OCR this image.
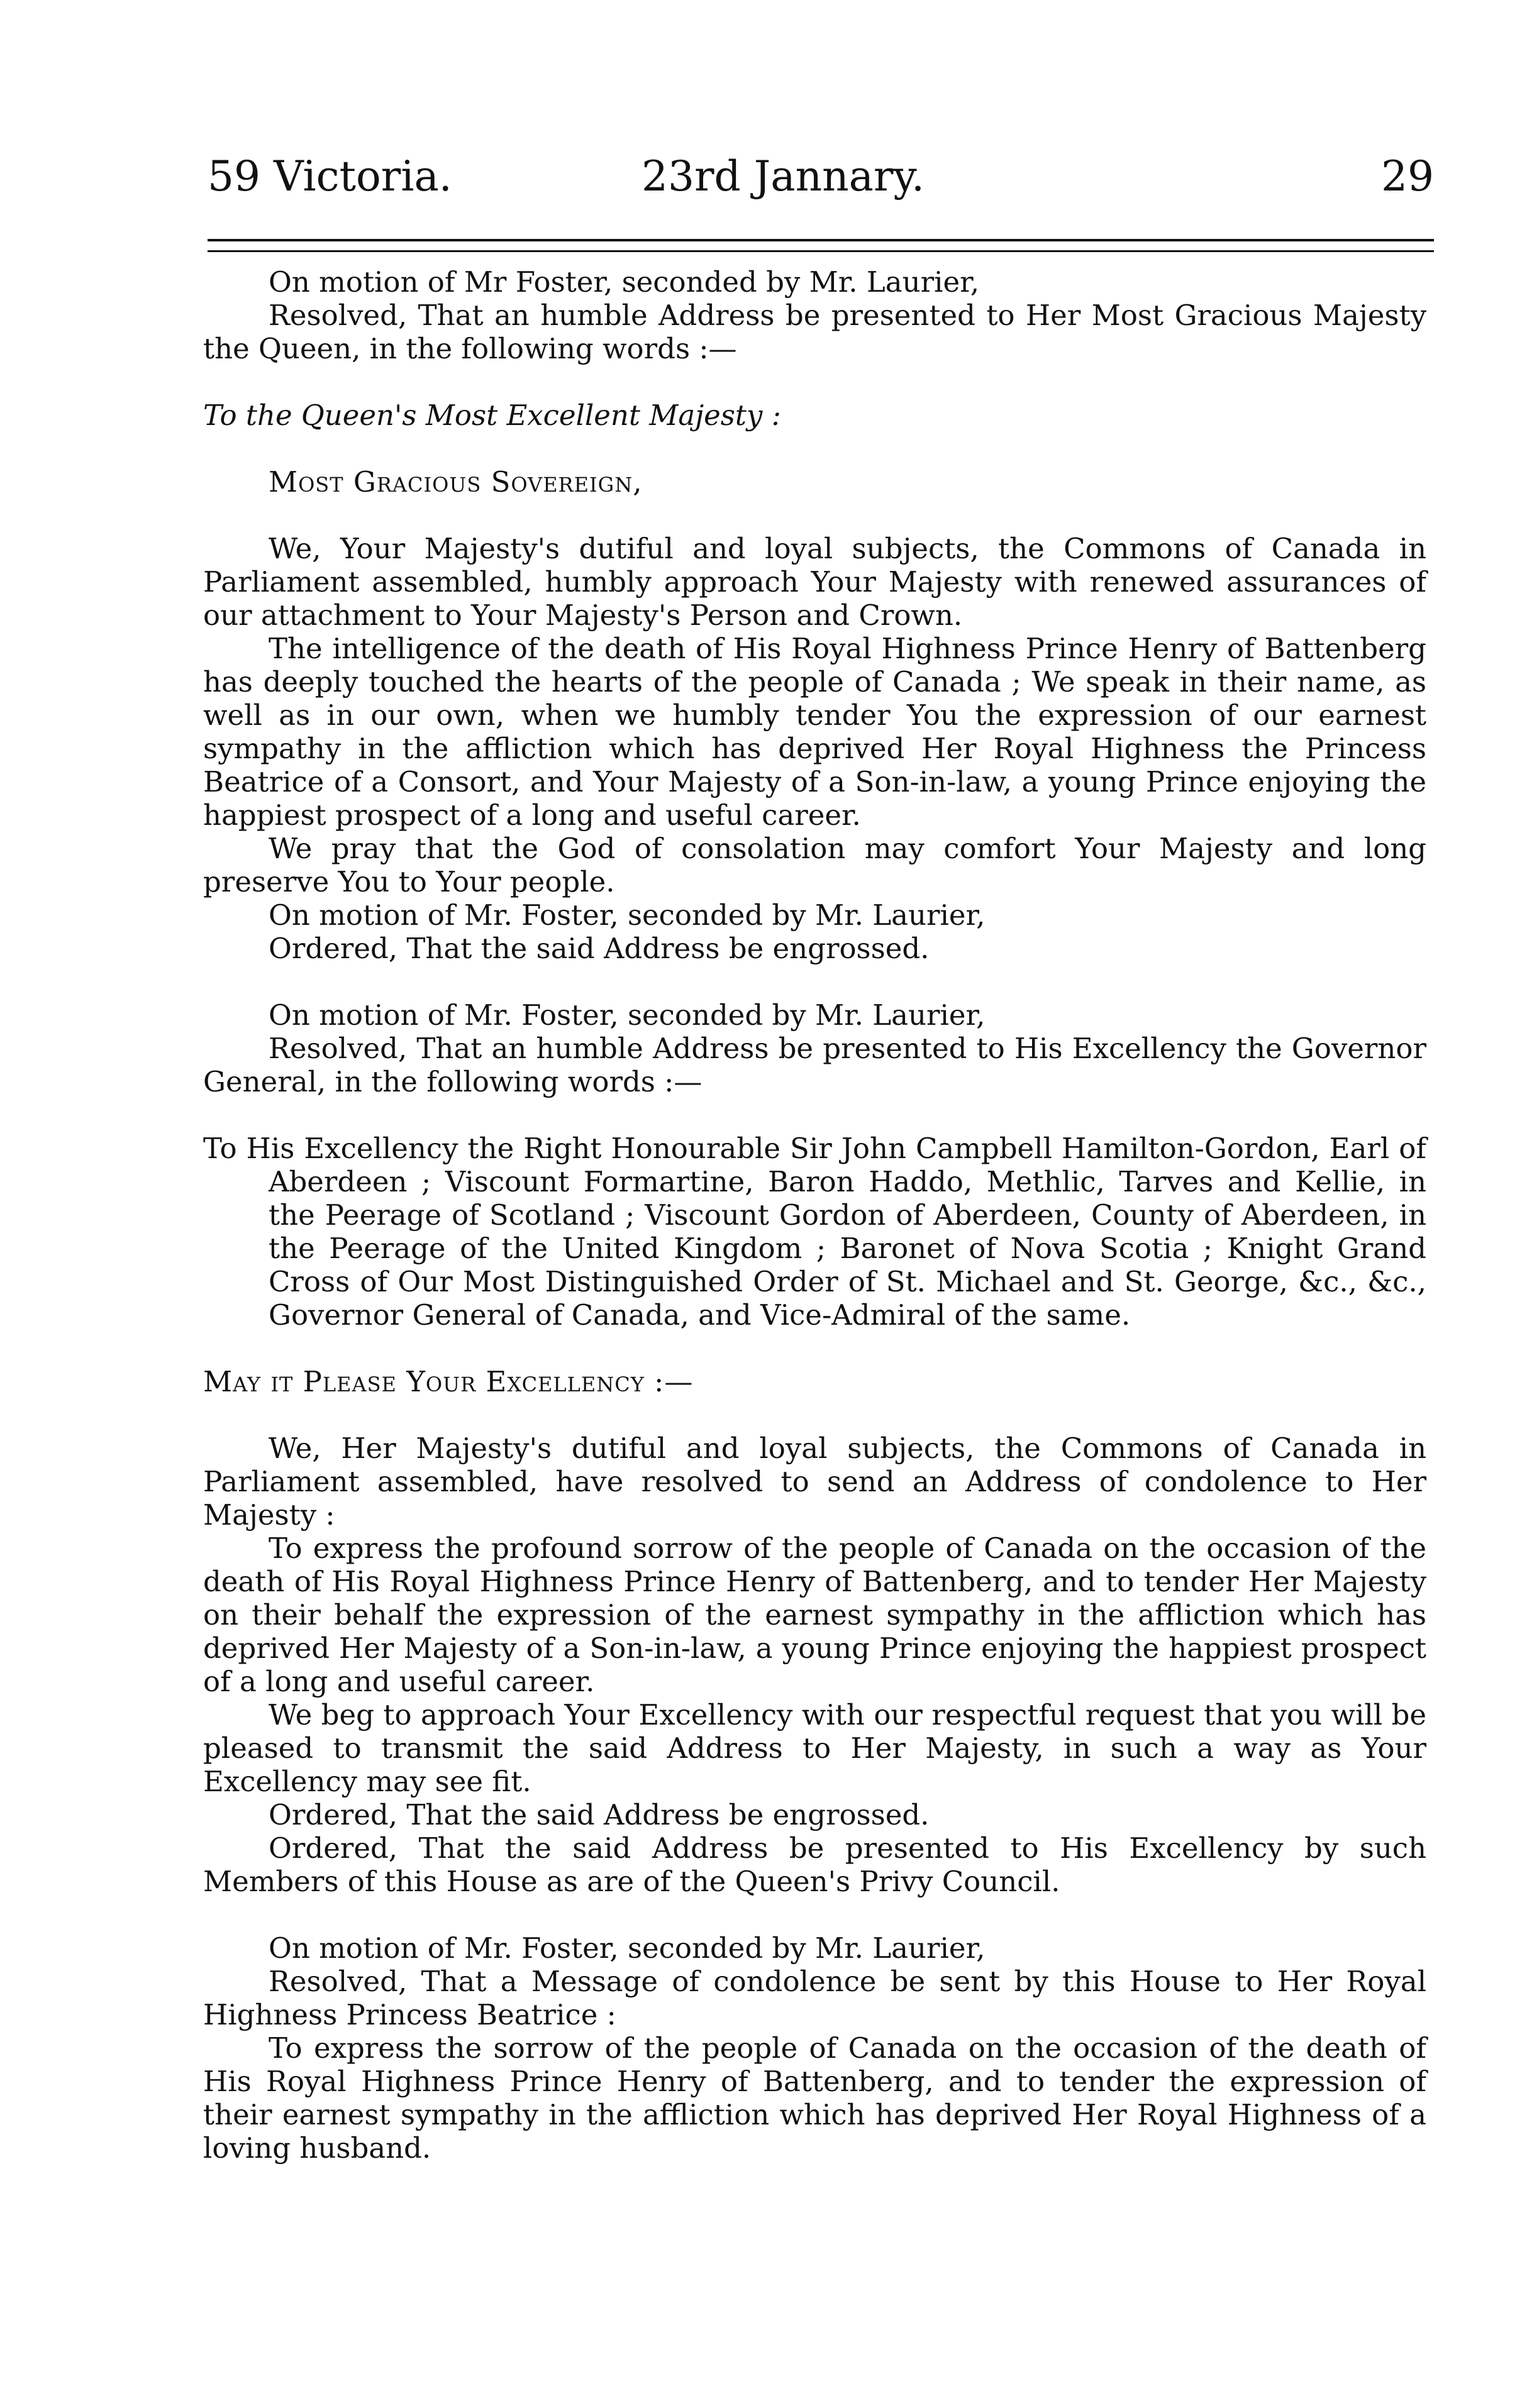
59 Victoria.	23rd Jannary.	29

On motion of Mr Foster, seconded by Mr. Laurier,

Resolved, That an humble Address be presented to Her Most Gracious Majesty the Queen, in the following words :—

To the Queen's Most Excellent Majesty :

Most Gracious Sovereign,

We, Your Majesty's dutiful and loyal subjects, the Commons of Canada in Parliament assembled, humbly approach Your Majesty with renewed assurances of our attachment to Your Majesty's Person and Crown.

The intelligence of the death of His Royal Highness Prince Henry of Battenberg has deeply touched the hearts of the people of Canada ; We speak in their name, as well as in our own, when we humbly tender You the expression of our earnest sympathy in the affliction which has deprived Her Royal Highness the Princess Beatrice of a Consort, and Your Majesty of a Son-in-law, a young Prince enjoying the happiest prospect of a long and useful career.

We pray that the God of consolation may comfort Your Majesty and long preserve You to Your people.

On motion of Mr. Foster, seconded by Mr. Laurier,

Ordered, That the said Address be engrossed.

On motion of Mr. Foster, seconded by Mr. Laurier,

Resolved, That an humble Address be presented to His Excellency the Governor General, in the following words :—

To His Excellency the Right Honourable Sir John Campbell Hamilton-Gordon, Earl of Aberdeen ; Viscount Formartine, Baron Haddo, Methlic, Tarves and Kellie, in the Peerage of Scotland ; Viscount Gordon of Aberdeen, County of Aberdeen, in the Peerage of the United Kingdom ; Baronet of Nova Scotia ; Knight Grand Cross of Our Most Distinguished Order of St. Michael and St. George, &c., &c., Governor General of Canada, and Vice-Admiral of the same.

May it Please Your Excellency :—

We, Her Majesty's dutiful and loyal subjects, the Commons of Canada in Parliament assembled, have resolved to send an Address of condolence to Her Majesty :

To express the profound sorrow of the people of Canada on the occasion of the death of His Royal Highness Prince Henry of Battenberg, and to tender Her Majesty on their behalf the expression of the earnest sympathy in the affliction which has deprived Her Majesty of a Son-in-law, a young Prince enjoying the happiest prospect of a long and useful career.

We beg to approach Your Excellency with our respectful request that you will be pleased to transmit the said Address to Her Majesty, in such a way as Your Excellency may see fit.

Ordered, That the said Address be engrossed.

Ordered, That the said Address be presented to His Excellency by such Members of this House as are of the Queen's Privy Council.

On motion of Mr. Foster, seconded by Mr. Laurier,

Resolved, That a Message of condolence be sent by this House to Her Royal Highness Princess Beatrice :

To express the sorrow of the people of Canada on the occasion of the death of His Royal Highness Prince Henry of Battenberg, and to tender the expression of their earnest sympathy in the affliction which has deprived Her Royal Highness of a loving husband.
